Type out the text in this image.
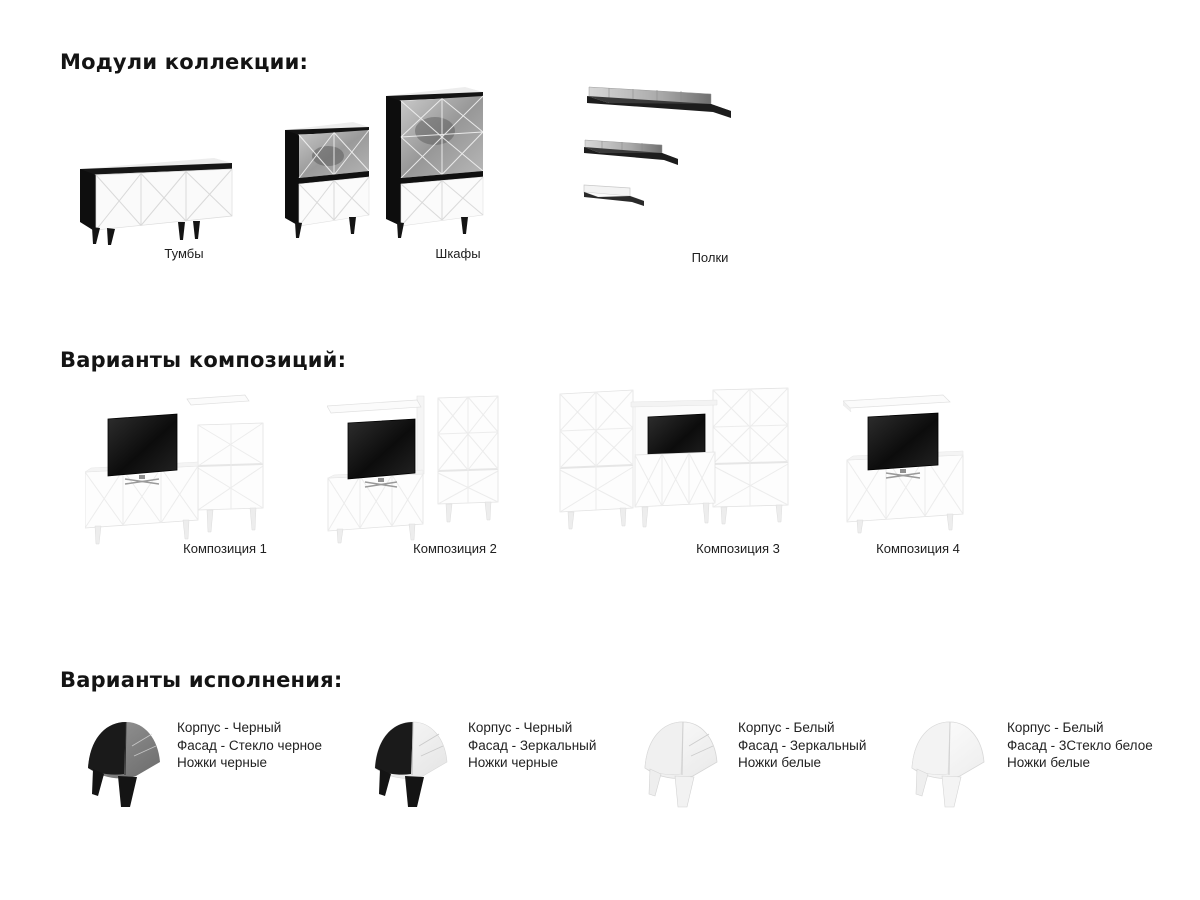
Модули коллекции:
Тумбы	Шкафы	Полки
Варианты композиций:
Композиция 1	Композиция 2	Композиция 3	Композиция 4
Варианты исполнения:
Корпус - Черный
Фасад - Стекло черное
Ножки черные
Корпус - Черный
Фасад - Зеркальный
Ножки черные
Корпус - Белый
Фасад - Зеркальный
Ножки белые
Корпус - Белый
Фасад - 3Стекло белое
Ножки белые
